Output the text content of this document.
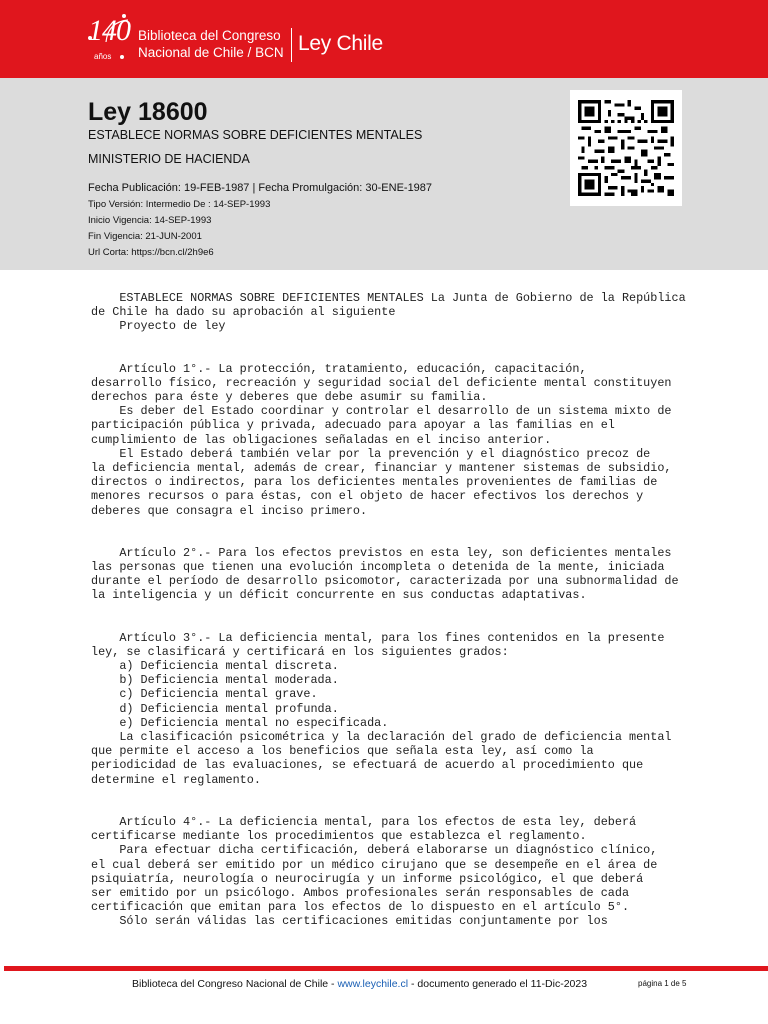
140
años
Biblioteca del Congreso
Nacional de Chile / BCN Ley Chile
Ley 18600
ESTABLECE NORMAS SOBRE DEFICIENTES MENTALES
MINISTERIO DE HACIENDA
Fecha Publicación: 19-FEB-1987 | Fecha Promulgación: 30-ENE-1987
Tipo Versión: Intermedio De : 14-SEP-1993
Inicio Vigencia: 14-SEP-1993
Fin Vigencia: 21-JUN-2001
Url Corta: https://bcn.cl/2h9e6
ESTABLECE NORMAS SOBRE DEFICIENTES MENTALES La Junta de Gobierno de la República
de Chile ha dado su aprobación al siguiente
Proyecto de ley
Artículo 1°.- La protección, tratamiento, educación, capacitación,
desarrollo físico, recreación y seguridad social del deficiente mental constituyen
derechos para éste y deberes que debe asumir su familia.
Es deber del Estado coordinar y controlar el desarrollo de un sistema mixto de
participación pública y privada, adecuado para apoyar a las familias en el
cumplimiento de las obligaciones señaladas en el inciso anterior.
El Estado deberá también velar por la prevención y el diagnóstico precoz de
la deficiencia mental, además de crear, financiar y mantener sistemas de subsidio,
directos o indirectos, para los deficientes mentales provenientes de familias de
menores recursos o para éstas, con el objeto de hacer efectivos los derechos y
deberes que consagra el inciso primero.
Artículo 2°.- Para los efectos previstos en esta ley, son deficientes mentales
las personas que tienen una evolución incompleta o detenida de la mente, iniciada
durante el período de desarrollo psicomotor, caracterizada por una subnormalidad de
la inteligencia y un déficit concurrente en sus conductas adaptativas.
Artículo 3°.- La deficiencia mental, para los fines contenidos en la presente
ley, se clasificará y certificará en los siguientes grados:
a) Deficiencia mental discreta.
b) Deficiencia mental moderada.
c) Deficiencia mental grave.
d) Deficiencia mental profunda.
e) Deficiencia mental no especificada.
La clasificación psicométrica y la declaración del grado de deficiencia mental
que permite el acceso a los beneficios que señala esta ley, así como la
periodicidad de las evaluaciones, se efectuará de acuerdo al procedimiento que
determine el reglamento.
Artículo 4°.- La deficiencia mental, para los efectos de esta ley, deberá
certificarse mediante los procedimientos que establezca el reglamento.
Para efectuar dicha certificación, deberá elaborarse un diagnóstico clínico,
el cual deberá ser emitido por un médico cirujano que se desempeñe en el área de
psiquiatría, neurología o neurocirugía y un informe psicológico, el que deberá
ser emitido por un psicólogo. Ambos profesionales serán responsables de cada
certificación que emitan para los efectos de lo dispuesto en el artículo 5°.
Sólo serán válidas las certificaciones emitidas conjuntamente por los
Biblioteca del Congreso Nacional de Chile - www.leychile.cl - documento generado el 11-Dic-2023	página 1 de 5
